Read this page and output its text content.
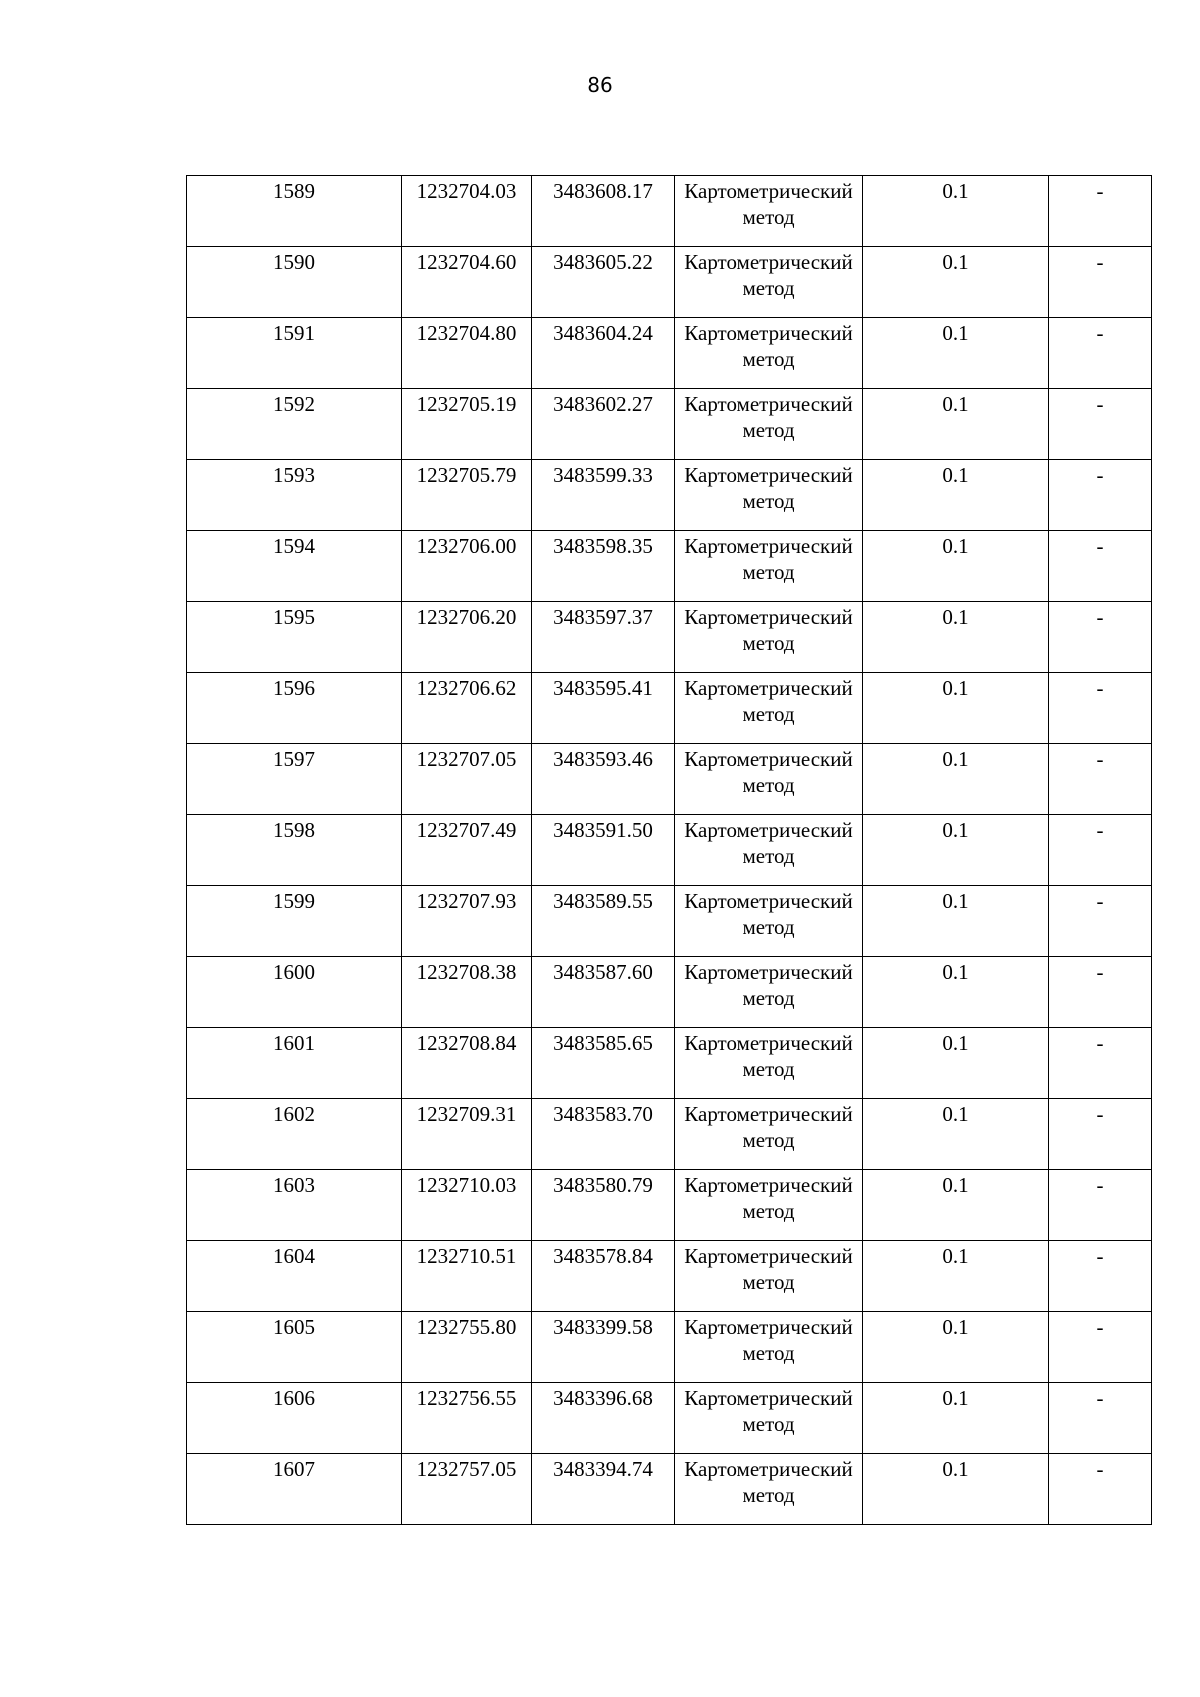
86
1589	1232704.03	3483608.17	Картометрический метод	0.1	-

1590	1232704.60	3483605.22	Картометрический метод	0.1	-

1591	1232704.80	3483604.24	Картометрический метод	0.1	-

1592	1232705.19	3483602.27	Картометрический метод	0.1	-

1593	1232705.79	3483599.33	Картометрический метод	0.1	-

1594	1232706.00	3483598.35	Картометрический метод	0.1	-

1595	1232706.20	3483597.37	Картометрический метод	0.1	-

1596	1232706.62	3483595.41	Картометрический метод	0.1	-

1597	1232707.05	3483593.46	Картометрический метод	0.1	-

1598	1232707.49	3483591.50	Картометрический метод	0.1	-

1599	1232707.93	3483589.55	Картометрический метод	0.1	-

1600	1232708.38	3483587.60	Картометрический метод	0.1	-

1601	1232708.84	3483585.65	Картометрический метод	0.1	-

1602	1232709.31	3483583.70	Картометрический метод	0.1	-

1603	1232710.03	3483580.79	Картометрический метод	0.1	-

1604	1232710.51	3483578.84	Картометрический метод	0.1	-

1605	1232755.80	3483399.58	Картометрический метод	0.1	-

1606	1232756.55	3483396.68	Картометрический метод	0.1	-

1607	1232757.05	3483394.74	Картометрический метод	0.1	-
